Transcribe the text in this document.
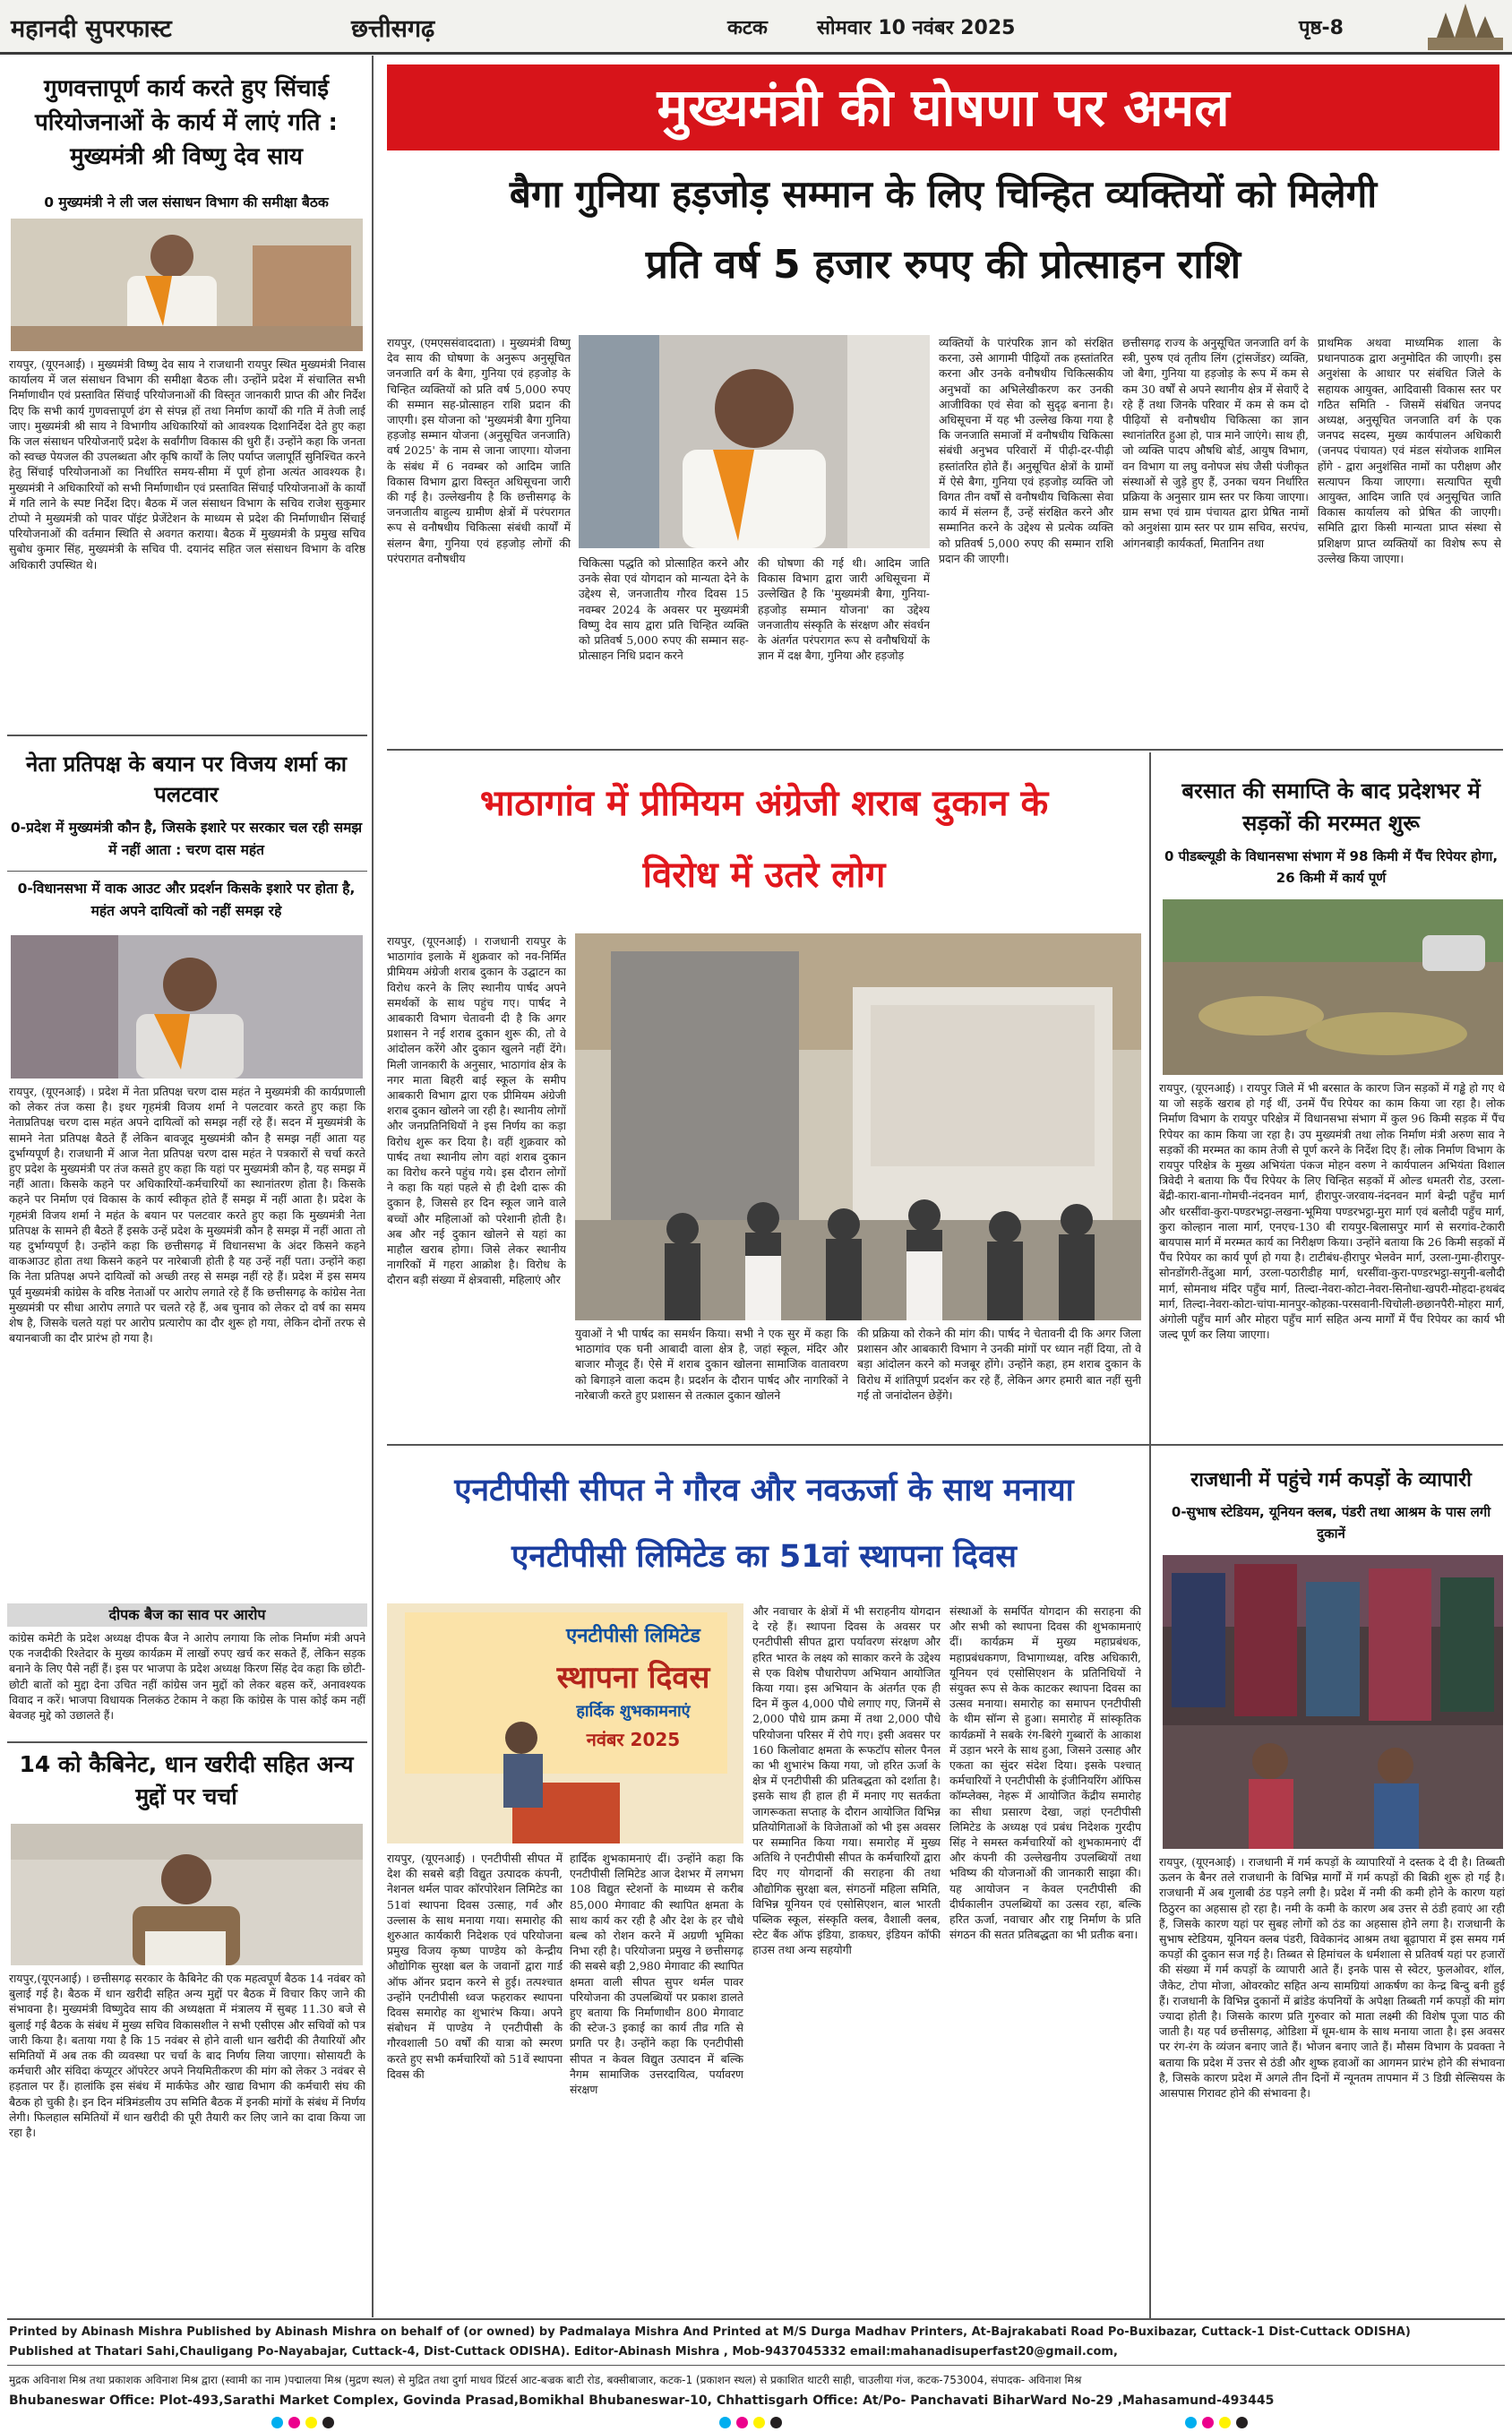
महानदी सुपरफास्ट	छत्तीसगढ़	कटक	सोमवार 10 नवंबर 2025	पृष्ठ-8
गुणवत्तापूर्ण कार्य करते हुए सिंचाई परियोजनाओं के कार्य में लाएं गति : मुख्यमंत्री श्री विष्णु देव साय
0 मुख्यमंत्री ने ली जल संसाधन विभाग की समीक्षा बैठक
रायपुर, (यूएनआई) । मुख्यमंत्री विष्णु देव साय ने राजधानी रायपुर स्थित मुख्यमंत्री निवास कार्यालय में जल संसाधन विभाग की समीक्षा बैठक ली। उन्होंने प्रदेश में संचालित सभी निर्माणाधीन एवं प्रस्तावित सिंचाई परियोजनाओं की विस्तृत जानकारी प्राप्त की और निर्देश दिए कि सभी कार्य गुणवत्तापूर्ण ढंग से संपन्न हों तथा निर्माण कार्यों की गति में तेजी लाई जाए। मुख्यमंत्री श्री साय ने विभागीय अधिकारियों को आवश्यक दिशानिर्देश देते हुए कहा कि जल संसाधन परियोजनाएँ प्रदेश के सर्वांगीण विकास की धुरी हैं। उन्होंने कहा कि जनता को स्वच्छ पेयजल की उपलब्धता और कृषि कार्यों के लिए पर्याप्त जलापूर्ति सुनिश्चित करने हेतु सिंचाई परियोजनाओं का निर्धारित समय-सीमा में पूर्ण होना अत्यंत आवश्यक है। मुख्यमंत्री ने अधिकारियों को सभी निर्माणाधीन एवं प्रस्तावित सिंचाई परियोजनाओं के कार्यों में गति लाने के स्पष्ट निर्देश दिए। बैठक में जल संसाधन विभाग के सचिव राजेश सुकुमार टोप्पो ने मुख्यमंत्री को पावर पॉइंट प्रेजेंटेशन के माध्यम से प्रदेश की निर्माणाधीन सिंचाई परियोजनाओं की वर्तमान स्थिति से अवगत कराया। बैठक में मुख्यमंत्री के प्रमुख सचिव सुबोध कुमार सिंह, मुख्यमंत्री के सचिव पी. दयानंद सहित जल संसाधन विभाग के वरिष्ठ अधिकारी उपस्थित थे।
नेता प्रतिपक्ष के बयान पर विजय शर्मा का पलटवार
0-प्रदेश में मुख्यमंत्री कौन है, जिसके इशारे पर सरकार चल रही समझ में नहीं आता : चरण दास महंत
0-विधानसभा में वाक आउट और प्रदर्शन किसके इशारे पर होता है, महंत अपने दायित्वों को नहीं समझ रहे
रायपुर, (यूएनआई) । प्रदेश में नेता प्रतिपक्ष चरण दास महंत ने मुख्यमंत्री की कार्यप्रणाली को लेकर तंज कसा है। इधर गृहमंत्री विजय शर्मा ने पलटवार करते हुए कहा कि नेताप्रतिपक्ष चरण दास महंत अपने दायित्वों को समझ नहीं रहे हैं। सदन में मुख्यमंत्री के सामने नेता प्रतिपक्ष बैठते हैं लेकिन बावजूद मुख्यमंत्री कौन है समझ नहीं आता यह दुर्भाग्यपूर्ण है। राजधानी में आज नेता प्रतिपक्ष चरण दास महंत ने पत्रकारों से चर्चा करते हुए प्रदेश के मुख्यमंत्री पर तंज कसते हुए कहा कि यहां पर मुख्यमंत्री कौन है, यह समझ में नहीं आता। किसके कहने पर अधिकारियों-कर्मचारियों का स्थानांतरण होता है। किसके कहने पर निर्माण एवं विकास के कार्य स्वीकृत होते हैं समझ में नहीं आता है। प्रदेश के गृहमंत्री विजय शर्मा ने महंत के बयान पर पलटवार करते हुए कहा कि मुख्यमंत्री नेता प्रतिपक्ष के सामने ही बैठते हैं इसके उन्हें प्रदेश के मुख्यमंत्री कौन है समझ में नहीं आता तो यह दुर्भाग्यपूर्ण है। उन्होंने कहा कि छत्तीसगढ़ में विधानसभा के अंदर किसने कहने वाकआउट होता तथा किसने कहने पर नारेबाजी होती है यह उन्हें नहीं पता। उन्होंने कहा कि नेता प्रतिपक्ष अपने दायित्वों को अच्छी तरह से समझ नहीं रहे हैं। प्रदेश में इस समय पूर्व मुख्यमंत्री कांग्रेस के वरिष्ठ नेताओं पर आरोप लगाते रहे हैं कि छत्तीसगढ़ के कांग्रेस नेता मुख्यमंत्री पर सीधा आरोप लगाते पर चलते रहे हैं, अब चुनाव को लेकर दो वर्ष का समय शेष है, जिसके चलते यहां पर आरोप प्रत्यारोप का दौर शुरू हो गया, लेकिन दोनों तरफ से बयानबाजी का दौर प्रारंभ हो गया है।
दीपक बैज का साव पर आरोप
कांग्रेस कमेटी के प्रदेश अध्यक्ष दीपक बैज ने आरोप लगाया कि लोक निर्माण मंत्री अपने एक नजदीकी रिश्तेदार के मुख्य कार्यक्रम में लाखों रुपए खर्च कर सकते हैं, लेकिन सड़क बनाने के लिए पैसे नहीं हैं। इस पर भाजपा के प्रदेश अध्यक्ष किरण सिंह देव कहा कि छोटी-छोटी बातों को मुद्दा देना उचित नहीं कांग्रेस जन मुद्दों को लेकर बहस करें, अनावश्यक विवाद न करें। भाजपा विधायक निलकंठ टेकाम ने कहा कि कांग्रेस के पास कोई कम नहीं बेवजह मुद्दे को उछालते हैं।
14 को कैबिनेट, धान खरीदी सहित अन्य मुद्दों पर चर्चा
रायपुर,(यूएनआई) । छत्तीसगढ़ सरकार के कैबिनेट की एक महत्वपूर्ण बैठक 14 नवंबर को बुलाई गई है। बैठक में धान खरीदी सहित अन्य मुद्दों पर बैठक में विचार किए जाने की संभावना है। मुख्यमंत्री विष्णुदेव साय की अध्यक्षता में मंत्रालय में सुबह 11.30 बजे से बुलाई गई बैठक के संबंध में मुख्य सचिव विकासशील ने सभी एसीएस और सचिवों को पत्र जारी किया है। बताया गया है कि 15 नवंबर से होने वाली धान खरीदी की तैयारियों और समितियों में अब तक की व्यवस्था पर चर्चा के बाद निर्णय लिया जाएगा। सोसायटी के कर्मचारी और संविदा कंप्यूटर ऑपरेटर अपने नियमितीकरण की मांग को लेकर 3 नवंबर से हड़ताल पर हैं। हालांकि इस संबंध में मार्कफेड और खाद्य विभाग की कर्मचारी संघ की बैठक हो चुकी है। इन दिन मंत्रिमंडलीय उप समिति बैठक में इनकी मांगों के संबंध में निर्णय लेगी। फिलहाल समितियों में धान खरीदी की पूरी तैयारी कर लिए जाने का दावा किया जा रहा है।
मुख्यमंत्री की घोषणा पर अमल
बैगा गुनिया हड़जोड़ सम्मान के लिए चिन्हित व्यक्तियों को मिलेगी
प्रति वर्ष 5 हजार रुपए की प्रोत्साहन राशि
रायपुर, (एमएससंवाददाता) । मुख्यमंत्री विष्णु देव साय की घोषणा के अनुरूप अनुसूचित जनजाति वर्ग के बैगा, गुनिया एवं हड़जोड़ के चिन्हित व्यक्तियों को प्रति वर्ष 5,000 रुपए की सम्मान सह-प्रोत्साहन राशि प्रदान की जाएगी। इस योजना को 'मुख्यमंत्री बैगा गुनिया हड़जोड़ सम्मान योजना (अनुसूचित जनजाति) वर्ष 2025' के नाम से जाना जाएगा। योजना के संबंध में 6 नवम्बर को आदिम जाति विकास विभाग द्वारा विस्तृत अधिसूचना जारी की गई है। उल्लेखनीय है कि छत्तीसगढ़ के जनजातीय बाहुल्य ग्रामीण क्षेत्रों में परंपरागत रूप से वनौषधीय चिकित्सा संबंधी कार्यों में संलग्न बैगा, गुनिया एवं हड़जोड़ लोगों की परंपरागत वनौषधीय	चिकित्सा पद्धति को प्रोत्साहित करने और उनके सेवा एवं योगदान को मान्यता देने के उद्देश्य से, जनजातीय गौरव दिवस 15 नवम्बर 2024 के अवसर पर मुख्यमंत्री विष्णु देव साय द्वारा प्रति चिन्हित व्यक्ति को प्रतिवर्ष 5,000 रुपए की सम्मान सह-प्रोत्साहन निधि प्रदान करने
की घोषणा की गई थी। आदिम जाति विकास विभाग द्वारा जारी अधिसूचना में उल्लेखित है कि 'मुख्यमंत्री बैगा, गुनिया-हड़जोड़ सम्मान योजना' का उद्देश्य जनजातीय संस्कृति के संरक्षण और संवर्धन के अंतर्गत परंपरागत रूप से वनौषधियों के ज्ञान में दक्ष बैगा, गुनिया और हड़जोड़
व्यक्तियों के पारंपरिक ज्ञान को संरक्षित करना, उसे आगामी पीढ़ियों तक हस्तांतरित करना और उनके वनौषधीय चिकित्सकीय अनुभवों का अभिलेखीकरण कर उनकी आजीविका एवं सेवा को सुदृढ़ बनाना है। अधिसूचना में यह भी उल्लेख किया गया है कि जनजाति समाजों में वनौषधीय चिकित्सा संबंधी अनुभव परिवारों में पीढ़ी-दर-पीढ़ी हस्तांतरित होते हैं। अनुसूचित क्षेत्रों के ग्रामों में ऐसे बैगा, गुनिया एवं हड़जोड़ व्यक्ति जो विगत तीन वर्षों से वनौषधीय चिकित्सा सेवा कार्य में संलग्न हैं, उन्हें संरक्षित करने और सम्मानित करने के उद्देश्य से प्रत्येक व्यक्ति को प्रतिवर्ष 5,000 रुपए की सम्मान राशि प्रदान की जाएगी।
छत्तीसगढ़ राज्य के अनुसूचित जनजाति वर्ग के स्त्री, पुरुष एवं तृतीय लिंग (ट्रांसजेंडर) व्यक्ति, जो बैगा, गुनिया या हड़जोड़ के रूप में कम से कम 30 वर्षों से अपने स्थानीय क्षेत्र में सेवाएँ दे रहे हैं तथा जिनके परिवार में कम से कम दो पीढ़ियों से वनौषधीय चिकित्सा का ज्ञान स्थानांतरित हुआ हो, पात्र माने जाएंगे। साथ ही, जो व्यक्ति पादप औषधि बोर्ड, आयुष विभाग, वन विभाग या लघु वनोपज संघ जैसी पंजीकृत संस्थाओं से जुड़े हुए हैं, उनका चयन निर्धारित प्रक्रिया के अनुसार ग्राम स्तर पर किया जाएगा। ग्राम सभा एवं ग्राम पंचायत द्वारा प्रेषित नामों को अनुशंसा ग्राम स्तर पर ग्राम सचिव, सरपंच, आंगनबाड़ी कार्यकर्ता, मितानिन तथा
प्राथमिक अथवा माध्यमिक शाला के प्रधानपाठक द्वारा अनुमोदित की जाएगी। इस अनुशंसा के आधार पर संबंधित जिले के सहायक आयुक्त, आदिवासी विकास स्तर पर गठित समिति - जिसमें संबंधित जनपद अध्यक्ष, अनुसूचित जनजाति वर्ग के एक जनपद सदस्य, मुख्य कार्यपालन अधिकारी (जनपद पंचायत) एवं मंडल संयोजक शामिल होंगे - द्वारा अनुशंसित नामों का परीक्षण और सत्यापन किया जाएगा। सत्यापित सूची आयुक्त, आदिम जाति एवं अनुसूचित जाति विकास कार्यालय को प्रेषित की जाएगी। समिति द्वारा किसी मान्यता प्राप्त संस्था से प्रशिक्षण प्राप्त व्यक्तियों का विशेष रूप से उल्लेख किया जाएगा।
भाठागांव में प्रीमियम अंग्रेजी शराब दुकान के
विरोध में उतरे लोग
रायपुर, (यूएनआई) । राजधानी रायपुर के भाठागांव इलाके में शुक्रवार को नव-निर्मित प्रीमियम अंग्रेजी शराब दुकान के उद्घाटन का विरोध करने के लिए स्थानीय पार्षद अपने समर्थकों के साथ पहुंच गए। पार्षद ने आबकारी विभाग चेतावनी दी है कि अगर प्रशासन ने नई शराब दुकान शुरू की, तो वे आंदोलन करेंगे और दुकान खुलने नहीं देंगे। मिली जानकारी के अनुसार, भाठागांव क्षेत्र के नगर माता बिहरी बाई स्कूल के समीप आबकारी विभाग द्वारा एक प्रीमियम अंग्रेजी शराब दुकान खोलने जा रही है। स्थानीय लोगों और जनप्रतिनिधियों ने इस निर्णय का कड़ा विरोध शुरू कर दिया है। वहीं शुक्रवार को पार्षद तथा स्थानीय लोग वहां शराब दुकान का विरोध करने पहुंच गये। इस दौरान लोगों ने कहा कि यहां पहले से ही देशी दारू की दुकान है, जिससे हर दिन स्कूल जाने वाले बच्चों और महिलाओं को परेशानी होती है। अब और नई दुकान खोलने से यहां का माहौल खराब होगा। जिसे लेकर स्थानीय नागरिकों में गहरा आक्रोश है। विरोध के दौरान बड़ी संख्या में क्षेत्रवासी, महिलाएं और
युवाओं ने भी पार्षद का समर्थन किया। सभी ने एक सुर में कहा कि भाठागांव एक घनी आबादी वाला क्षेत्र है, जहां स्कूल, मंदिर और बाजार मौजूद हैं। ऐसे में शराब दुकान खोलना सामाजिक वातावरण को बिगाड़ने वाला कदम है। प्रदर्शन के दौरान पार्षद और नागरिकों ने नारेबाजी करते हुए प्रशासन से तत्काल दुकान खोलने
की प्रक्रिया को रोकने की मांग की। पार्षद ने चेतावनी दी कि अगर जिला प्रशासन और आबकारी विभाग ने उनकी मांगों पर ध्यान नहीं दिया, तो वे बड़ा आंदोलन करने को मजबूर होंगे। उन्होंने कहा, हम शराब दुकान के विरोध में शांतिपूर्ण प्रदर्शन कर रहे हैं, लेकिन अगर हमारी बात नहीं सुनी गई तो जनांदोलन छेड़ेंगे।
बरसात की समाप्ति के बाद प्रदेशभर में
सड़कों की मरम्मत शुरू
0 पीडब्ल्यूडी के विधानसभा संभाग में 98 किमी में पैंच रिपेयर होगा, 26 किमी में कार्य पूर्ण
रायपुर, (यूएनआई) । रायपुर जिले में भी बरसात के कारण जिन सड़कों में गड्ढे हो गए थे या जो सड़कें खराब हो गई थीं, उनमें पैंच रिपेयर का काम किया जा रहा है। लोक निर्माण विभाग के रायपुर परिक्षेत्र में विधानसभा संभाग में कुल 96 किमी सड़क में पैंच रिपेयर का काम किया जा रहा है। उप मुख्यमंत्री तथा लोक निर्माण मंत्री अरुण साव ने सड़कों की मरम्मत का काम तेजी से पूर्ण करने के निर्देश दिए हैं। लोक निर्माण विभाग के रायपुर परिक्षेत्र के मुख्य अभियंता पंकज मोहन वरुण ने कार्यपालन अभियंता विशाल त्रिवेदी ने बताया कि पैंच रिपेयर के लिए चिन्हित सड़कों में ओल्ड धमतरी रोड, उरला-बेंद्री-कारा-बाना-गोमची-नंदनवन मार्ग, हीरापुर-जरवाय-नंदनवन मार्ग बेन्द्री पहुँच मार्ग और धरसींवा-कुरा-पण्डरभट्ठा-लखना-भूमिया पण्डरभट्ठा-मुरा मार्ग एवं बलौदी पहुँच मार्ग, कुरा कोल्हान नाला मार्ग, एनएच-130 बी रायपुर-बिलासपुर मार्ग से सरगांव-टेकारी बायपास मार्ग में मरम्मत कार्य का निरीक्षण किया। उन्होंने बताया कि 26 किमी सड़कों में पैंच रिपेयर का कार्य पूर्ण हो गया है। टाटीबंध-हीरापुर भेलवेन मार्ग, उरला-गुमा-हीरापुर-सोनडोंगरी-तेंदुआ मार्ग, उरला-पठारीडीह मार्ग, धरसींवा-कुरा-पण्डरभट्ठा-सगुनी-बलौदी मार्ग, सोमनाथ मंदिर पहुँच मार्ग, तिल्दा-नेवरा-कोटा-नेवरा-सिनोधा-खपरी-मोहदा-हथबंद मार्ग, तिल्दा-नेवरा-कोटा-चांपा-मानपुर-कोहका-परसवानी-चिचोली-छछानपैरी-मोहरा मार्ग, अंगोली पहुँच मार्ग और मोहरा पहुँच मार्ग सहित अन्य मार्गों में पैंच रिपेयर का कार्य भी जल्द पूर्ण कर लिया जाएगा।
एनटीपीसी सीपत ने गौरव और नवऊर्जा के साथ मनाया
एनटीपीसी लिमिटेड का 51वां स्थापना दिवस
एनटीपीसी लिमिटेड
स्थापना दिवस
हार्दिक शुभकामनाएं
नवंबर 2025
और नवाचार के क्षेत्रों में भी सराहनीय योगदान दे रहे हैं। स्थापना दिवस के अवसर पर एनटीपीसी सीपत द्वारा पर्यावरण संरक्षण और हरित भारत के लक्ष्य को साकार करने के उद्देश्य से एक विशेष पौधारोपण अभियान आयोजित किया गया। इस अभियान के अंतर्गत एक ही दिन में कुल 4,000 पौधे लगाए गए, जिनमें से 2,000 पौधे ग्राम क्रमा में तथा 2,000 पौधे परियोजना परिसर में रोपे गए। इसी अवसर पर 160 किलोवाट क्षमता के रूफटॉप सोलर पैनल का भी शुभारंभ किया गया, जो हरित ऊर्जा के क्षेत्र में एनटीपीसी की प्रतिबद्धता को दर्शाता है। इसके साथ ही हाल ही में मनाए गए सतर्कता जागरूकता सप्ताह के दौरान आयोजित विभिन्न प्रतियोगिताओं के विजेताओं को भी इस अवसर पर सम्मानित किया गया। समारोह में मुख्य अतिथि ने एनटीपीसी सीपत के कर्मचारियों द्वारा दिए गए योगदानों की सराहना की तथा औद्योगिक सुरक्षा बल, संगठनों महिला समिति, विभिन्न यूनियन एवं एसोसिएशन, बाल भारती पब्लिक स्कूल, संस्कृति क्लब, वैशाली क्लब, स्टेट बैंक ऑफ इंडिया, डाकघर, इंडियन कॉफी हाउस तथा अन्य सहयोगी
संस्थाओं के समर्पित योगदान की सराहना की और सभी को स्थापना दिवस की शुभकामनाएं दीं। कार्यक्रम में मुख्य महाप्रबंधक, महाप्रबंधकगण, विभागाध्यक्ष, वरिष्ठ अधिकारी, यूनियन एवं एसोसिएशन के प्रतिनिधियों ने संयुक्त रूप से केक काटकर स्थापना दिवस का उत्सव मनाया। समारोह का समापन एनटीपीसी के थीम सॉन्ग से हुआ। समारोह में सांस्कृतिक कार्यक्रमों ने सबके रंग-बिरंगे गुब्बारों के आकाश में उड़ान भरने के साथ हुआ, जिसने उत्साह और एकता का सुंदर संदेश दिया। इसके पश्चात् कर्मचारियों ने एनटीपीसी के इंजीनियरिंग ऑफिस कॉम्प्लेक्स, नेहरू में आयोजित केंद्रीय समारोह का सीधा प्रसारण देखा, जहां एनटीपीसी लिमिटेड के अध्यक्ष एवं प्रबंध निदेशक गुरदीप सिंह ने समस्त कर्मचारियों को शुभकामनाएं दीं और कंपनी की उल्लेखनीय उपलब्धियों तथा भविष्य की योजनाओं की जानकारी साझा की। यह आयोजन न केवल एनटीपीसी की दीर्घकालीन उपलब्धियों का उत्सव रहा, बल्कि हरित ऊर्जा, नवाचार और राष्ट्र निर्माण के प्रति संगठन की सतत प्रतिबद्धता का भी प्रतीक बना।
रायपुर, (यूएनआई) । एनटीपीसी सीपत में देश की सबसे बड़ी विद्युत उत्पादक कंपनी, नेशनल थर्मल पावर कॉरपोरेशन लिमिटेड का 51वां स्थापना दिवस उत्साह, गर्व और उल्लास के साथ मनाया गया। समारोह की शुरुआत कार्यकारी निदेशक एवं परियोजना प्रमुख विजय कृष्ण पाण्डेय को केन्द्रीय औद्योगिक सुरक्षा बल के जवानों द्वारा गार्ड ऑफ ऑनर प्रदान करने से हुई। तत्पश्चात उन्होंने एनटीपीसी ध्वज फहराकर स्थापना दिवस समारोह का शुभारंभ किया। अपने संबोधन में पाण्डेय ने एनटीपीसी के गौरवशाली 50 वर्षों की यात्रा को स्मरण करते हुए सभी कर्मचारियों को 51वें स्थापना दिवस की
हार्दिक शुभकामनाएं दीं। उन्होंने कहा कि एनटीपीसी लिमिटेड आज देशभर में लगभग 108 विद्युत स्टेशनों के माध्यम से करीब 85,000 मेगावाट की स्थापित क्षमता के साथ कार्य कर रही है और देश के हर चौथे बल्ब को रोशन करने में अग्रणी भूमिका निभा रही है। परियोजना प्रमुख ने छत्तीसगढ़ की सबसे बड़ी 2,980 मेगावाट की स्थापित क्षमता वाली सीपत सुपर थर्मल पावर परियोजना की उपलब्धियों पर प्रकाश डालते हुए बताया कि निर्माणाधीन 800 मेगावाट की स्टेज-3 इकाई का कार्य तीव्र गति से प्रगति पर है। उन्होंने कहा कि एनटीपीसी सीपत न केवल विद्युत उत्पादन में बल्कि नैगम सामाजिक उत्तरदायित्व, पर्यावरण संरक्षण
राजधानी में पहुंचे गर्म कपड़ों के व्यापारी
0-सुभाष स्टेडियम, यूनियन क्लब, पंडरी तथा आश्रम के पास लगी दुकानें
रायपुर, (यूएनआई) । राजधानी में गर्म कपड़ों के व्यापारियों ने दस्तक दे दी है। तिब्बती ऊलन के बैनर तले राजधानी के विभिन्न मार्गों में गर्म कपड़ों की बिक्री शुरू हो गई है। राजधानी में अब गुलाबी ठंड पड़ने लगी है। प्रदेश में नमी की कमी होने के कारण यहां ठिठुरन का अहसास हो रहा है। नमी के कमी के कारण अब उत्तर से ठंडी हवाएं आ रही हैं, जिसके कारण यहां पर सुबह लोगों को ठंड का अहसास होने लगा है। राजधानी के सुभाष स्टेडियम, यूनियन क्लब पंडरी, विवेकानंद आश्रम तथा बूढ़ापारा में इस समय गर्म कपड़ों की दुकान सज गई है। तिब्बत से हिमांचल के धर्मशाला से प्रतिवर्ष यहां पर हजारों की संख्या में गर्म कपड़ों के व्यापारी आते हैं। इनके पास से स्वेटर, फुलओवर, शॉल, जैकेट, टोपा मोजा, ओवरकोट सहित अन्य सामग्रियां आकर्षण का केन्द्र बिन्दु बनी हुई हैं। राजधानी के विभिन्न दुकानों में ब्रांडेड कंपनियों के अपेक्षा तिब्बती गर्म कपड़ों की मांग ज्यादा होती है। जिसके कारण प्रति गुरुवार को माता लक्ष्मी की विशेष पूजा पाठ की जाती है। यह पर्व छत्तीसगढ़, ओडिशा में धूम-धाम के साथ मनाया जाता है। इस अवसर पर रंग-रंग के व्यंजन बनाए जाते हैं। भोजन बनाए जाते हैं। मौसम विभाग के प्रवक्ता ने बताया कि प्रदेश में उत्तर से ठंडी और शुष्क हवाओं का आगमन प्रारंभ होने की संभावना है, जिसके कारण प्रदेश में अगले तीन दिनों में न्यूनतम तापमान में 3 डिग्री सेल्सियस के आसपास गिरावट होने की संभावना है।
Printed by Abinash Mishra Published by Abinash Mishra on behalf of (or owned) by Padmalaya Mishra And Printed at M/S Durga Madhav Printers, At-Bajrakabati Road Po-Buxibazar, Cuttack-1 Dist-Cuttack ODISHA)
Published at Thatari Sahi,Chauligang Po-Nayabajar, Cuttack-4, Dist-Cuttack ODISHA). Editor-Abinash Mishra , Mob-9437045332 email:mahanadisuperfast20@gmail.com,
मुद्रक अविनाश मिश्र तथा प्रकाशक अविनाश मिश्र द्वारा (स्वामी का नाम )पद्मालया मिश्र (मुद्रण स्थल) से मुद्रित तथा दुर्गा माधव प्रिंटर्स आट-बज्रक बाटी रोड, बक्सीबाजार, कटक-1 (प्रकाशन स्थल) से प्रकाशित थाटरी साही, चाउलीया गंज, कटक-753004, संपादक- अविनाश मिश्र
Bhubaneswar Office: Plot-493,Sarathi Market Complex, Govinda Prasad,Bomikhal Bhubaneswar-10, Chhattisgarh Office: At/Po- Panchavati BiharWard No-29 ,Mahasamund-493445
